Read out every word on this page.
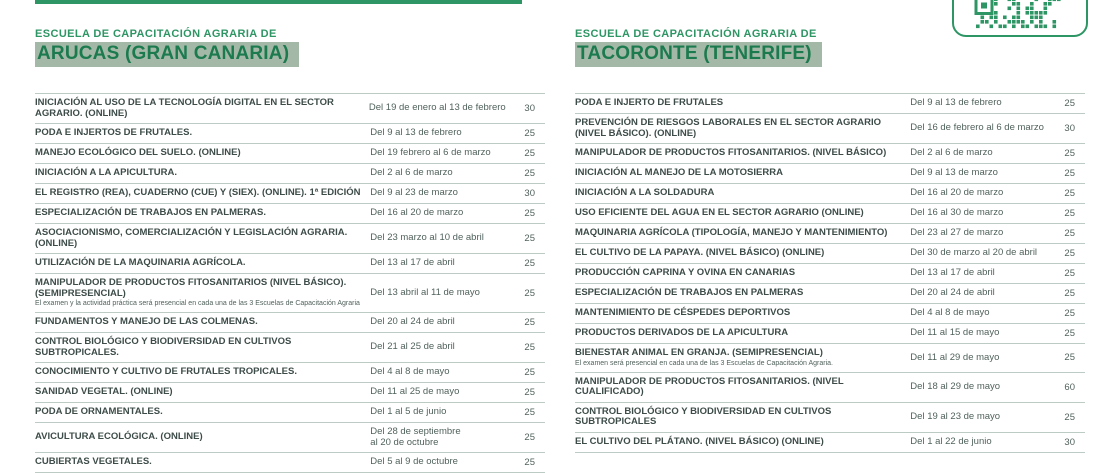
ESCUELA DE CAPACITACIÓN AGRARIA DE
ARUCAS (GRAN CANARIA)
INICIACIÓN AL USO DE LA TECNOLOGÍA DIGITAL EN EL SECTOR AGRARIO. (ONLINE)	Del 19 de enero al 13 de febrero	30
PODA E INJERTOS DE FRUTALES.	Del 9 al 13 de febrero	25
MANEJO ECOLÓGICO DEL SUELO. (ONLINE)	Del 19 febrero al 6 de marzo	25
INICIACIÓN A LA APICULTURA.	Del 2 al 6 de marzo	25
EL REGISTRO (REA), CUADERNO (CUE) Y (SIEX). (ONLINE). 1ª EDICIÓN	Del 9 al 23 de marzo	30
ESPECIALIZACIÓN DE TRABAJOS EN PALMERAS.	Del 16 al 20 de marzo	25
ASOCIACIONISMO, COMERCIALIZACIÓN Y LEGISLACIÓN AGRARIA. (ONLINE)	Del 23 marzo al 10 de abril	25
UTILIZACIÓN DE LA MAQUINARIA AGRÍCOLA.	Del 13 al 17 de abril	25
MANIPULADOR DE PRODUCTOS FITOSANITARIOS (NIVEL BÁSICO). (SEMIPRESENCIAL)
El examen y la actividad práctica será presencial en cada una de las 3 Escuelas de Capacitación Agraria
Del 13 abril al 11 de mayo	25
FUNDAMENTOS Y MANEJO DE LAS COLMENAS.	Del 20 al 24 de abril	25
CONTROL BIOLÓGICO Y BIODIVERSIDAD EN CULTIVOS SUBTROPICALES.	Del 21 al 25 de abril	25
CONOCIMIENTO Y CULTIVO DE FRUTALES TROPICALES.	Del 4 al 8 de mayo	25
SANIDAD VEGETAL. (ONLINE)	Del 11 al 25 de mayo	25
PODA DE ORNAMENTALES.	Del 1 al 5 de junio	25
AVICULTURA ECOLÓGICA. (ONLINE)	Del 28 de septiembre
al 20 de octubre	25
CUBIERTAS VEGETALES.	Del 5 al 9 de octubre	25
ESCUELA DE CAPACITACIÓN AGRARIA DE
TACORONTE (TENERIFE)
PODA E INJERTO DE FRUTALES	Del 9 al 13 de febrero	25
PREVENCIÓN DE RIESGOS LABORALES EN EL SECTOR AGRARIO (NIVEL BÁSICO). (ONLINE)	Del 16 de febrero al 6 de marzo	30
MANIPULADOR DE PRODUCTOS FITOSANITARIOS. (NIVEL BÁSICO)	Del 2 al 6 de marzo	25
INICIACIÓN AL MANEJO DE LA MOTOSIERRA	Del 9 al 13 de marzo	25
INICIACIÓN A LA SOLDADURA	Del 16 al 20 de marzo	25
USO EFICIENTE DEL AGUA EN EL SECTOR AGRARIO (ONLINE)	Del 16 al 30 de marzo	25
MAQUINARIA AGRÍCOLA (TIPOLOGÍA, MANEJO Y MANTENIMIENTO)	Del 23 al 27 de marzo	25
EL CULTIVO DE LA PAPAYA. (NIVEL BÁSICO) (ONLINE)	Del 30 de marzo al 20 de abril	25
PRODUCCIÓN CAPRINA Y OVINA EN CANARIAS	Del 13 al 17 de abril	25
ESPECIALIZACIÓN DE TRABAJOS EN PALMERAS	Del 20 al 24 de abril	25
MANTENIMIENTO DE CÉSPEDES DEPORTIVOS	Del 4 al 8 de mayo	25
PRODUCTOS DERIVADOS DE LA APICULTURA	Del 11 al 15 de mayo	25
BIENESTAR ANIMAL EN GRANJA. (SEMIPRESENCIAL)
El examen será presencial en cada una de las 3 Escuelas de Capacitación Agraria.
Del 11 al 29 de mayo	25
MANIPULADOR DE PRODUCTOS FITOSANITARIOS. (NIVEL CUALIFICADO)	Del 18 al 29 de mayo	60
CONTROL BIOLÓGICO Y BIODIVERSIDAD EN CULTIVOS SUBTROPICALES	Del 19 al 23 de mayo	25
EL CULTIVO DEL PLÁTANO. (NIVEL BÁSICO) (ONLINE)	Del 1 al 22 de junio	30
